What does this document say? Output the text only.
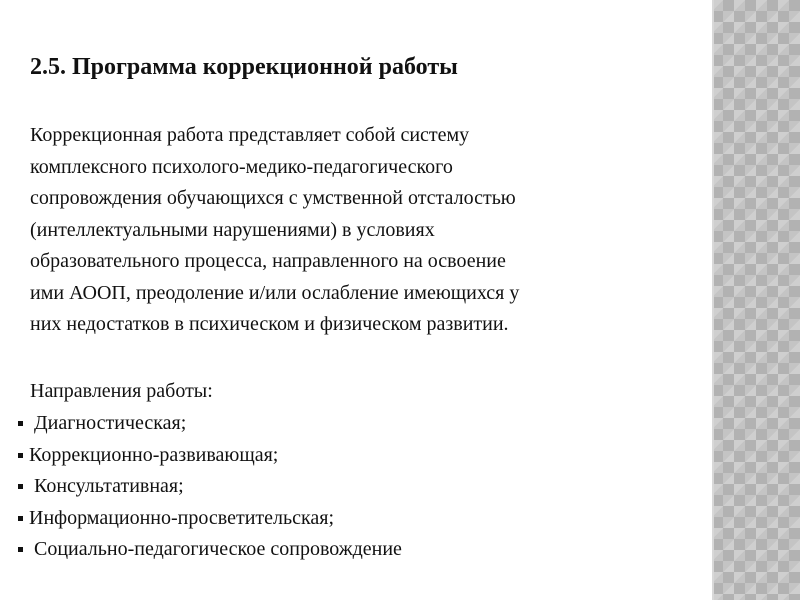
2.5. Программа коррекционной работы

Коррекционная работа представляет собой систему
комплексного психолого-медико-педагогического
сопровождения обучающихся с умственной отсталостью
(интеллектуальными нарушениями) в условиях
образовательного процесса, направленного на освоение
ими АООП, преодоление и/или ослабление имеющихся у
них недостатков в психическом и физическом развитии.

Направления работы:

Диагностическая;
Коррекционно-развивающая;
Консультативная;
Информационно-просветительская;
Социально-педагогическое сопровождение
